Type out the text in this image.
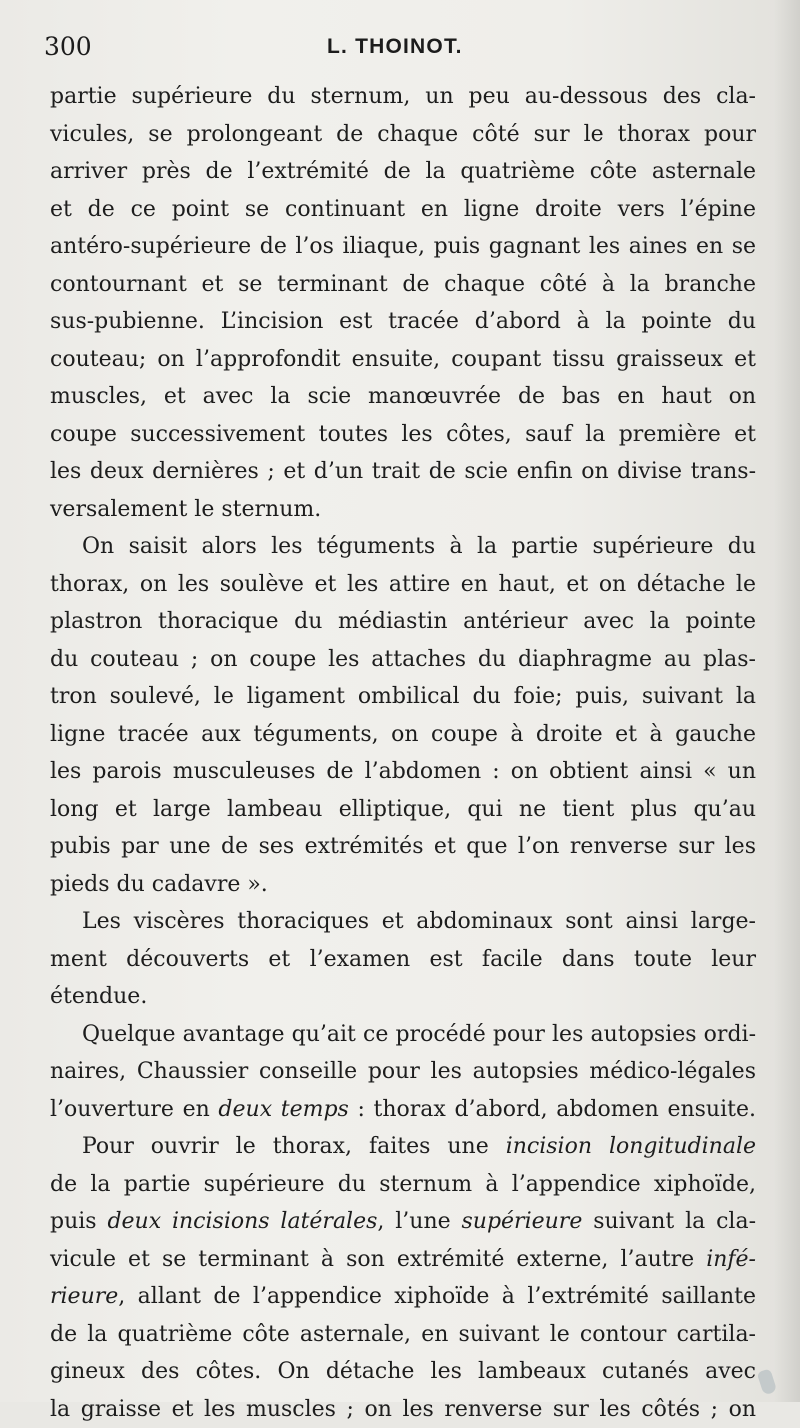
300	L. THOINOT.
partie supérieure du sternum, un peu au-dessous des cla-
vicules, se prolongeant de chaque côté sur le thorax pour
arriver près de l’extrémité de la quatrième côte asternale
et de ce point se continuant en ligne droite vers l’épine
antéro-supérieure de l’os iliaque, puis gagnant les aines en se
contournant et se terminant de chaque côté à la branche
sus-pubienne. L’incision est tracée d’abord à la pointe du
couteau; on l’approfondit ensuite, coupant tissu graisseux et
muscles, et avec la scie manœuvrée de bas en haut on
coupe successivement toutes les côtes, sauf la première et
les deux dernières ; et d’un trait de scie enfin on divise trans-
versalement le sternum.
On saisit alors les téguments à la partie supérieure du
thorax, on les soulève et les attire en haut, et on détache le
plastron thoracique du médiastin antérieur avec la pointe
du couteau ; on coupe les attaches du diaphragme au plas-
tron soulevé, le ligament ombilical du foie; puis, suivant la
ligne tracée aux téguments, on coupe à droite et à gauche
les parois musculeuses de l’abdomen : on obtient ainsi « un
long et large lambeau elliptique, qui ne tient plus qu’au
pubis par une de ses extrémités et que l’on renverse sur les
pieds du cadavre ».
Les viscères thoraciques et abdominaux sont ainsi large-
ment découverts et l’examen est facile dans toute leur
étendue.
Quelque avantage qu’ait ce procédé pour les autopsies ordi-
naires, Chaussier conseille pour les autopsies médico-légales
l’ouverture en deux temps : thorax d’abord, abdomen ensuite.
Pour ouvrir le thorax, faites une incision longitudinale
de la partie supérieure du sternum à l’appendice xiphoïde,
puis deux incisions latérales, l’une supérieure suivant la cla-
vicule et se terminant à son extrémité externe, l’autre infé-
rieure, allant de l’appendice xiphoïde à l’extrémité saillante
de la quatrième côte asternale, en suivant le contour cartila-
gineux des côtes. On détache les lambeaux cutanés avec
la graisse et les muscles ; on les renverse sur les côtés ; on
